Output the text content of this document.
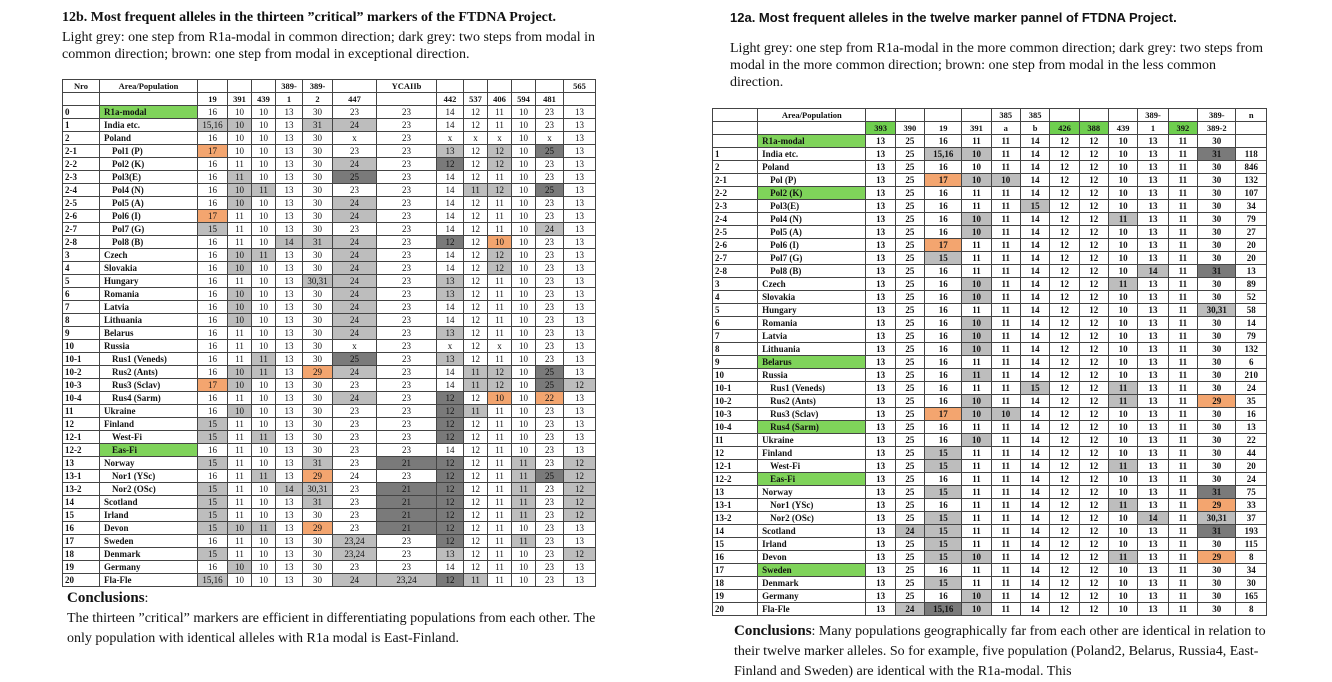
12b. Most frequent alleles in the thirteen ”critical” markers of the FTDNA Project.

Light grey: one step from R1a-modal in common direction; dark grey: two steps from modal in common direction; brown: one step from modal in exceptional direction.

Nro	Area/Population				389-	389-		YCAIIb						565
		19	391	439	1	2	447		442	537	406	594	481	
0	R1a-modal	16	10	10	13	30	23	23	14	12	11	10	23	13
1	India etc.	15,16	10	10	13	31	24	23	14	12	11	10	23	13
2	Poland	16	10	10	13	30	x	23	x	x	x	10	x	13
2-1	Pol1 (P)	17	10	10	13	30	23	23	13	12	12	10	25	13
2-2	Pol2 (K)	16	11	10	13	30	24	23	12	12	12	10	23	13
2-3	Pol3(E)	16	11	10	13	30	25	23	14	12	11	10	23	13
2-4	Pol4 (N)	16	10	11	13	30	23	23	14	11	12	10	25	13
2-5	Pol5 (A)	16	10	10	13	30	24	23	14	12	11	10	23	13
2-6	Pol6 (I)	17	11	10	13	30	24	23	14	12	11	10	23	13
2-7	Pol7 (G)	15	11	10	13	30	23	23	14	12	11	10	24	13
2-8	Pol8 (B)	16	11	10	14	31	24	23	12	12	10	10	23	13
3	Czech	16	10	11	13	30	24	23	14	12	12	10	23	13
4	Slovakia	16	10	10	13	30	24	23	14	12	12	10	23	13
5	Hungary	16	11	10	13	30,31	24	23	13	12	11	10	23	13
6	Romania	16	10	10	13	30	24	23	13	12	11	10	23	13
7	Latvia	16	10	10	13	30	24	23	14	12	11	10	23	13
8	Lithuania	16	10	10	13	30	24	23	14	12	11	10	23	13
9	Belarus	16	11	10	13	30	24	23	13	12	11	10	23	13
10	Russia	16	11	10	13	30	x	23	x	12	x	10	23	13
10-1	Rus1 (Veneds)	16	11	11	13	30	25	23	13	12	11	10	23	13
10-2	Rus2 (Ants)	16	10	11	13	29	24	23	14	11	12	10	25	13
10-3	Rus3 (Sclav)	17	10	10	13	30	23	23	14	11	12	10	25	12
10-4	Rus4 (Sarm)	16	11	10	13	30	24	23	12	12	10	10	22	13
11	Ukraine	16	10	10	13	30	23	23	12	11	11	10	23	13
12	Finland	15	11	10	13	30	23	23	12	12	11	10	23	13
12-1	West-Fi	15	11	11	13	30	23	23	12	12	11	10	23	13
12-2	Eas-Fi	16	11	10	13	30	23	23	14	12	11	10	23	13
13	Norway	15	11	10	13	31	23	21	12	12	11	11	23	12
13-1	Nor1 (YSc)	16	11	11	13	29	24	23	12	12	11	11	25	12
13-2	Nor2 (OSc)	15	11	10	14	30,31	23	21	12	12	11	11	23	12
14	Scotland	15	11	10	13	31	23	21	12	12	11	11	23	12
15	Irland	15	11	10	13	30	23	21	12	12	11	11	23	12
16	Devon	15	10	11	13	29	23	21	12	12	11	10	23	13
17	Sweden	16	11	10	13	30	23,24	23	12	12	11	11	23	13
18	Denmark	15	11	10	13	30	23,24	23	13	12	11	10	23	12
19	Germany	16	10	10	13	30	23	23	14	12	11	10	23	13
20	Fla-Fle	15,16	10	10	13	30	24	23,24	12	11	11	10	23	13
Conclusions:
The thirteen ”critical” markers are efficient in differentiating populations from each other. The only population with identical alleles with R1a modal is East-Finland.

12a. Most frequent alleles in the twelve marker pannel of FTDNA Project.

Light grey: one step from R1a-modal in the more common direction; dark grey: two steps from modal in the more common direction; brown: one step from modal in the less common direction.

	Area/Population					385	385				389-		389-	n
		393	390	19	391	a	b	426	388	439	1	392	389-2	
	R1a-modal	13	25	16	11	11	14	12	12	10	13	11	30	
1	India etc.	13	25	15,16	10	11	14	12	12	10	13	11	31	118
2	Poland	13	25	16	10	11	14	12	12	10	13	11	30	846
2-1	Pol (P)	13	25	17	10	10	14	12	12	10	13	11	30	132
2-2	Pol2 (K)	13	25	16	11	11	14	12	12	10	13	11	30	107
2-3	Pol3(E)	13	25	16	11	11	15	12	12	10	13	11	30	34
2-4	Pol4 (N)	13	25	16	10	11	14	12	12	11	13	11	30	79
2-5	Pol5 (A)	13	25	16	10	11	14	12	12	10	13	11	30	27
2-6	Pol6 (I)	13	25	17	11	11	14	12	12	10	13	11	30	20
2-7	Pol7 (G)	13	25	15	11	11	14	12	12	10	13	11	30	20
2-8	Pol8 (B)	13	25	16	11	11	14	12	12	10	14	11	31	13
3	Czech	13	25	16	10	11	14	12	12	11	13	11	30	89
4	Slovakia	13	25	16	10	11	14	12	12	10	13	11	30	52
5	Hungary	13	25	16	11	11	14	12	12	10	13	11	30,31	58
6	Romania	13	25	16	10	11	14	12	12	10	13	11	30	14
7	Latvia	13	25	16	10	11	14	12	12	10	13	11	30	79
8	Lithuania	13	25	16	10	11	14	12	12	10	13	11	30	132
9	Belarus	13	25	16	11	11	14	12	12	10	13	11	30	6
10	Russia	13	25	16	11	11	14	12	12	10	13	11	30	210
10-1	Rus1 (Veneds)	13	25	16	11	11	15	12	12	11	13	11	30	24
10-2	Rus2 (Ants)	13	25	16	10	11	14	12	12	11	13	11	29	35
10-3	Rus3 (Sclav)	13	25	17	10	10	14	12	12	10	13	11	30	16
10-4	Rus4 (Sarm)	13	25	16	11	11	14	12	12	10	13	11	30	13
11	Ukraine	13	25	16	10	11	14	12	12	10	13	11	30	22
12	Finland	13	25	15	11	11	14	12	12	10	13	11	30	44
12-1	West-Fi	13	25	15	11	11	14	12	12	11	13	11	30	20
12-2	Eas-Fi	13	25	16	11	11	14	12	12	10	13	11	30	24
13	Norway	13	25	15	11	11	14	12	12	10	13	11	31	75
13-1	Nor1 (YSc)	13	25	16	11	11	14	12	12	11	13	11	29	33
13-2	Nor2 (OSc)	13	25	15	11	11	14	12	12	10	14	11	30,31	37
14	Scotland	13	24	15	11	11	14	12	12	10	13	11	31	193
15	Irland	13	25	15	11	11	14	12	12	10	13	11	30	115
16	Devon	13	25	15	10	11	14	12	12	11	13	11	29	8
17	Sweden	13	25	16	11	11	14	12	12	10	13	11	30	34
18	Denmark	13	25	15	11	11	14	12	12	10	13	11	30	30
19	Germany	13	25	16	10	11	14	12	12	10	13	11	30	165
20	Fla-Fle	13	24	15,16	10	11	14	12	12	10	13	11	30	8
Conclusions: Many populations geographically far from each other are identical in relation to their twelve marker alleles. So for example, five population (Poland2, Belarus, Russia4, East-Finland and Sweden) are identical with the R1a-modal. This
